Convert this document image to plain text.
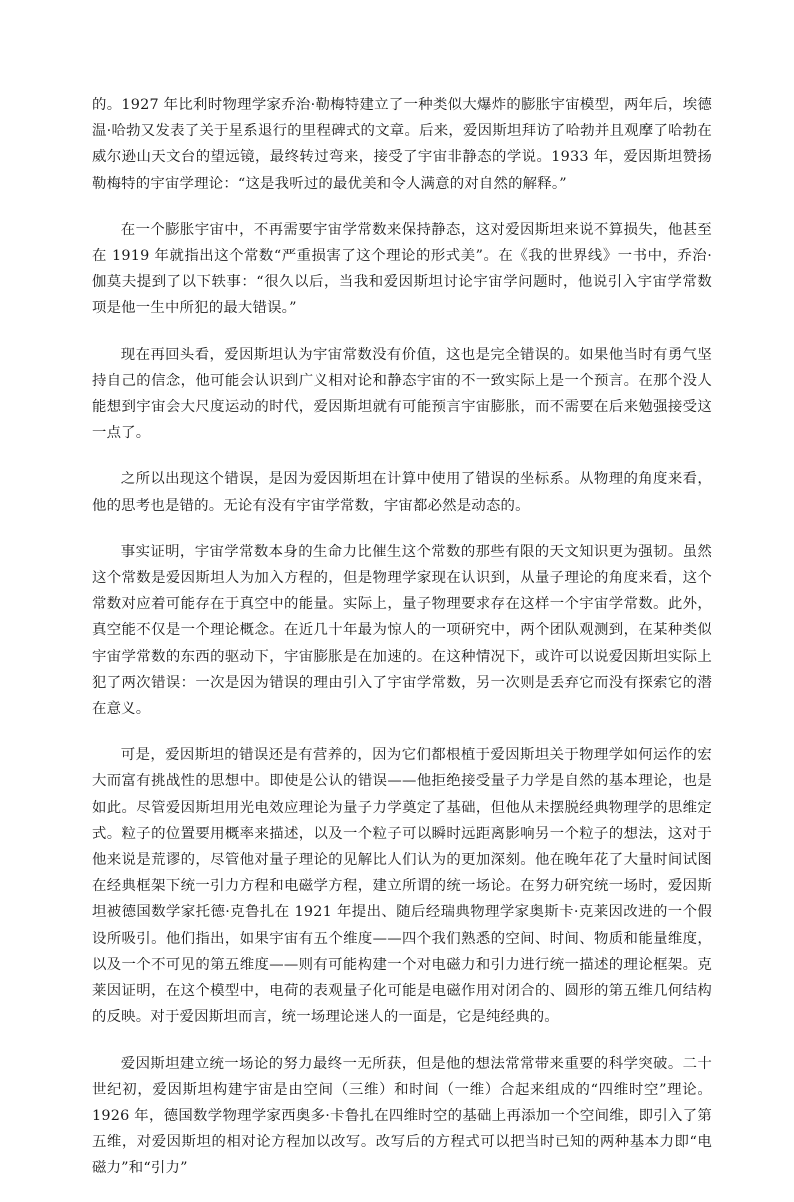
的。1927 年比利时物理学家乔治·勒梅特建立了一种类似大爆炸的膨胀宇宙模型，两年后，埃德温·哈勃又发表了关于星系退行的里程碑式的文章。后来，爱因斯坦拜访了哈勃并且观摩了哈勃在威尔逊山天文台的望远镜，最终转过弯来，接受了宇宙非静态的学说。1933 年，爱因斯坦赞扬勒梅特的宇宙学理论：“这是我听过的最优美和令人满意的对自然的解释。”

在一个膨胀宇宙中，不再需要宇宙学常数来保持静态，这对爱因斯坦来说不算损失，他甚至在 1919 年就指出这个常数“严重损害了这个理论的形式美”。在《我的世界线》一书中，乔治·伽莫夫提到了以下轶事：“很久以后，当我和爱因斯坦讨论宇宙学问题时，他说引入宇宙学常数项是他一生中所犯的最大错误。”

现在再回头看，爱因斯坦认为宇宙常数没有价值，这也是完全错误的。如果他当时有勇气坚持自己的信念，他可能会认识到广义相对论和静态宇宙的不一致实际上是一个预言。在那个没人能想到宇宙会大尺度运动的时代，爱因斯坦就有可能预言宇宙膨胀，而不需要在后来勉强接受这一点了。

之所以出现这个错误，是因为爱因斯坦在计算中使用了错误的坐标系。从物理的角度来看，他的思考也是错的。无论有没有宇宙学常数，宇宙都必然是动态的。

事实证明，宇宙学常数本身的生命力比催生这个常数的那些有限的天文知识更为强韧。虽然这个常数是爱因斯坦人为加入方程的，但是物理学家现在认识到，从量子理论的角度来看，这个常数对应着可能存在于真空中的能量。实际上，量子物理要求存在这样一个宇宙学常数。此外，真空能不仅是一个理论概念。在近几十年最为惊人的一项研究中，两个团队观测到，在某种类似宇宙学常数的东西的驱动下，宇宙膨胀是在加速的。在这种情况下，或许可以说爱因斯坦实际上犯了两次错误：一次是因为错误的理由引入了宇宙学常数，另一次则是丢弃它而没有探索它的潜在意义。

可是，爱因斯坦的错误还是有营养的，因为它们都根植于爱因斯坦关于物理学如何运作的宏大而富有挑战性的思想中。即使是公认的错误——他拒绝接受量子力学是自然的基本理论，也是如此。尽管爱因斯坦用光电效应理论为量子力学奠定了基础，但他从未摆脱经典物理学的思维定式。粒子的位置要用概率来描述，以及一个粒子可以瞬时远距离影响另一个粒子的想法，这对于他来说是荒谬的，尽管他对量子理论的见解比人们认为的更加深刻。他在晚年花了大量时间试图在经典框架下统一引力方程和电磁学方程，建立所谓的统一场论。在努力研究统一场时，爱因斯坦被德国数学家托德·克鲁扎在 1921 年提出、随后经瑞典物理学家奥斯卡·克莱因改进的一个假设所吸引。他们指出，如果宇宙有五个维度——四个我们熟悉的空间、时间、物质和能量维度，以及一个不可见的第五维度——则有可能构建一个对电磁力和引力进行统一描述的理论框架。克莱因证明，在这个模型中，电荷的表观量子化可能是电磁作用对闭合的、圆形的第五维几何结构的反映。对于爱因斯坦而言，统一场理论迷人的一面是，它是纯经典的。

爱因斯坦建立统一场论的努力最终一无所获，但是他的想法常常带来重要的科学突破。二十世纪初，爱因斯坦构建宇宙是由空间（三维）和时间（一维）合起来组成的“四维时空”理论。1926 年，德国数学物理学家西奥多·卡鲁扎在四维时空的基础上再添加一个空间维，即引入了第五维，对爱因斯坦的相对论方程加以改写。改写后的方程式可以把当时已知的两种基本力即“电磁力”和“引力”
